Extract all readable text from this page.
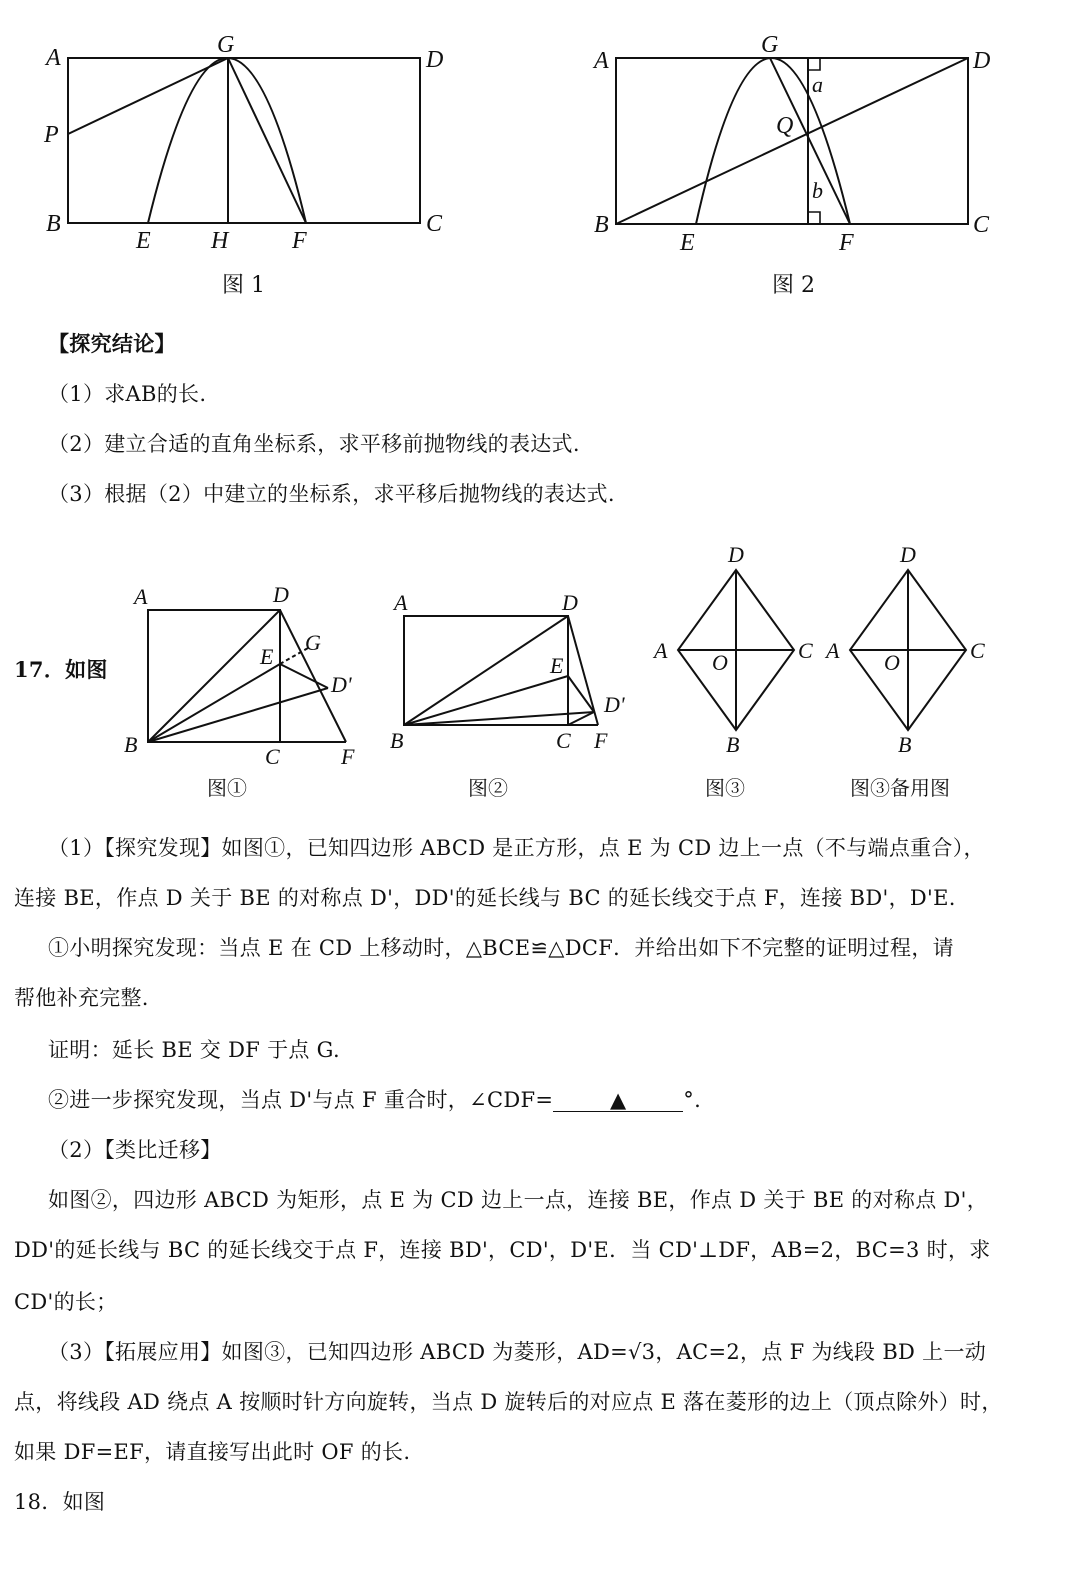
A	G
D
P
B
E	H	F
C
图 1
A
G
D
a
Q
b
B
E	F
C
图 2
【探究结论】
（1）求AB的长.
（2）建立合适的直角坐标系，求平移前抛物线的表达式.
（3）根据（2）中建立的坐标系，求平移后抛物线的表达式.
17．如图
A	D
G
E
D'
B	C	F
图①
A	D
E
D'
B	C F
图②
D
A O	C
B
图③
D
A O	C
B
图③备用图
（1）【探究发现】如图①，已知四边形 ABCD 是正方形，点 E 为 CD 边上一点（不与端点重合），
连接 BE，作点 D 关于 BE 的对称点 D'，DD'的延长线与 BC 的延长线交于点 F，连接 BD'，D'E.
①小明探究发现：当点 E 在 CD 上移动时，△BCE≌△DCF．并给出如下不完整的证明过程，请
帮他补充完整.
证明：延长 BE 交 DF 于点 G.
②进一步探究发现，当点 D'与点 F 重合时，∠CDF=	▲	°.
（2）【类比迁移】
如图②，四边形 ABCD 为矩形，点 E 为 CD 边上一点，连接 BE，作点 D 关于 BE 的对称点 D'，
DD'的延长线与 BC 的延长线交于点 F，连接 BD'，CD'，D'E．当 CD'⊥DF，AB=2，BC=3 时，求
CD'的长；
（3）【拓展应用】如图③，已知四边形 ABCD 为菱形，AD=√3，AC=2，点 F 为线段 BD 上一动
点，将线段 AD 绕点 A 按顺时针方向旋转，当点 D 旋转后的对应点 E 落在菱形的边上（顶点除外）时，
如果 DF=EF，请直接写出此时 OF 的长.
18．如图
